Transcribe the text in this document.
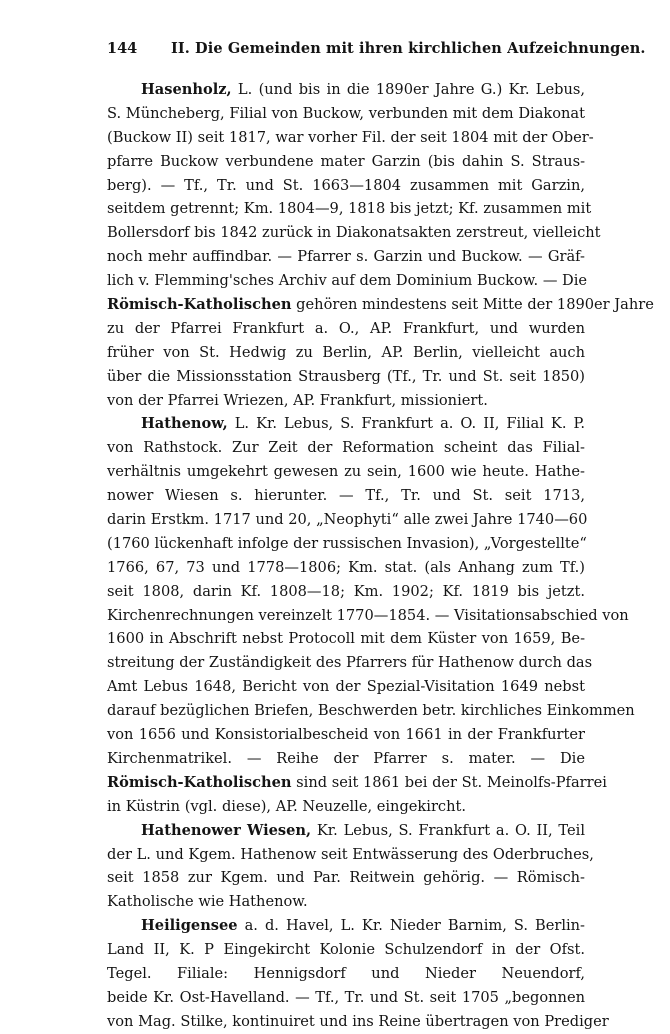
144 II. Die Gemeinden mit ihren kirchlichen Aufzeichnungen.
Hasenholz, L. (und bis in die 1890er Jahre G.) Kr. Lebus,
S. Müncheberg, Filial von Buckow, verbunden mit dem Diakonat
(Buckow II) seit 1817, war vorher Fil. der seit 1804 mit der Ober-
pfarre Buckow verbundene mater Garzin (bis dahin S. Straus-
berg). — Tf., Tr. und St. 1663—1804 zusammen mit Garzin,
seitdem getrennt; Km. 1804—9, 1818 bis jetzt; Kf. zusammen mit
Bollersdorf bis 1842 zurück in Diakonatsakten zerstreut, vielleicht
noch mehr auffindbar. — Pfarrer s. Garzin und Buckow. — Gräf-
lich v. Flemming'sches Archiv auf dem Dominium Buckow. — Die
Römisch-Katholischen gehören mindestens seit Mitte der 1890er Jahre
zu der Pfarrei Frankfurt a. O., AP. Frankfurt, und wurden
früher von St. Hedwig zu Berlin, AP. Berlin, vielleicht auch
über die Missionsstation Strausberg (Tf., Tr. und St. seit 1850)
von der Pfarrei Wriezen, AP. Frankfurt, missioniert.
Hathenow, L. Kr. Lebus, S. Frankfurt a. O. II, Filial K. P.
von Rathstock. Zur Zeit der Reformation scheint das Filial-
verhältnis umgekehrt gewesen zu sein, 1600 wie heute. Hathe-
nower Wiesen s. hierunter. — Tf., Tr. und St. seit 1713,
darin Erstkm. 1717 und 20, „Neophyti“ alle zwei Jahre 1740—60
(1760 lückenhaft infolge der russischen Invasion), „Vorgestellte“
1766, 67, 73 und 1778—1806; Km. stat. (als Anhang zum Tf.)
seit 1808, darin Kf. 1808—18; Km. 1902; Kf. 1819 bis jetzt.
Kirchenrechnungen vereinzelt 1770—1854. — Visitationsabschied von
1600 in Abschrift nebst Protocoll mit dem Küster von 1659, Be-
streitung der Zuständigkeit des Pfarrers für Hathenow durch das
Amt Lebus 1648, Bericht von der Spezial-Visitation 1649 nebst
darauf bezüglichen Briefen, Beschwerden betr. kirchliches Einkommen
von 1656 und Konsistorialbescheid von 1661 in der Frankfurter
Kirchenmatrikel. — Reihe der Pfarrer s. mater. — Die
Römisch-Katholischen sind seit 1861 bei der St. Meinolfs-Pfarrei
in Küstrin (vgl. diese), AP. Neuzelle, eingekircht.
Hathenower Wiesen, Kr. Lebus, S. Frankfurt a. O. II, Teil
der L. und Kgem. Hathenow seit Entwässerung des Oderbruches,
seit 1858 zur Kgem. und Par. Reitwein gehörig. — Römisch-
Katholische wie Hathenow.
Heiligensee a. d. Havel, L. Kr. Nieder Barnim, S. Berlin-
Land II, K. P Eingekircht Kolonie Schulzendorf in der Ofst.
Tegel. Filiale: Hennigsdorf und Nieder Neuendorf,
beide Kr. Ost-Havelland. — Tf., Tr. und St. seit 1705 „begonnen
von Mag. Stilke, kontinuiret und ins Reine übertragen von Prediger
